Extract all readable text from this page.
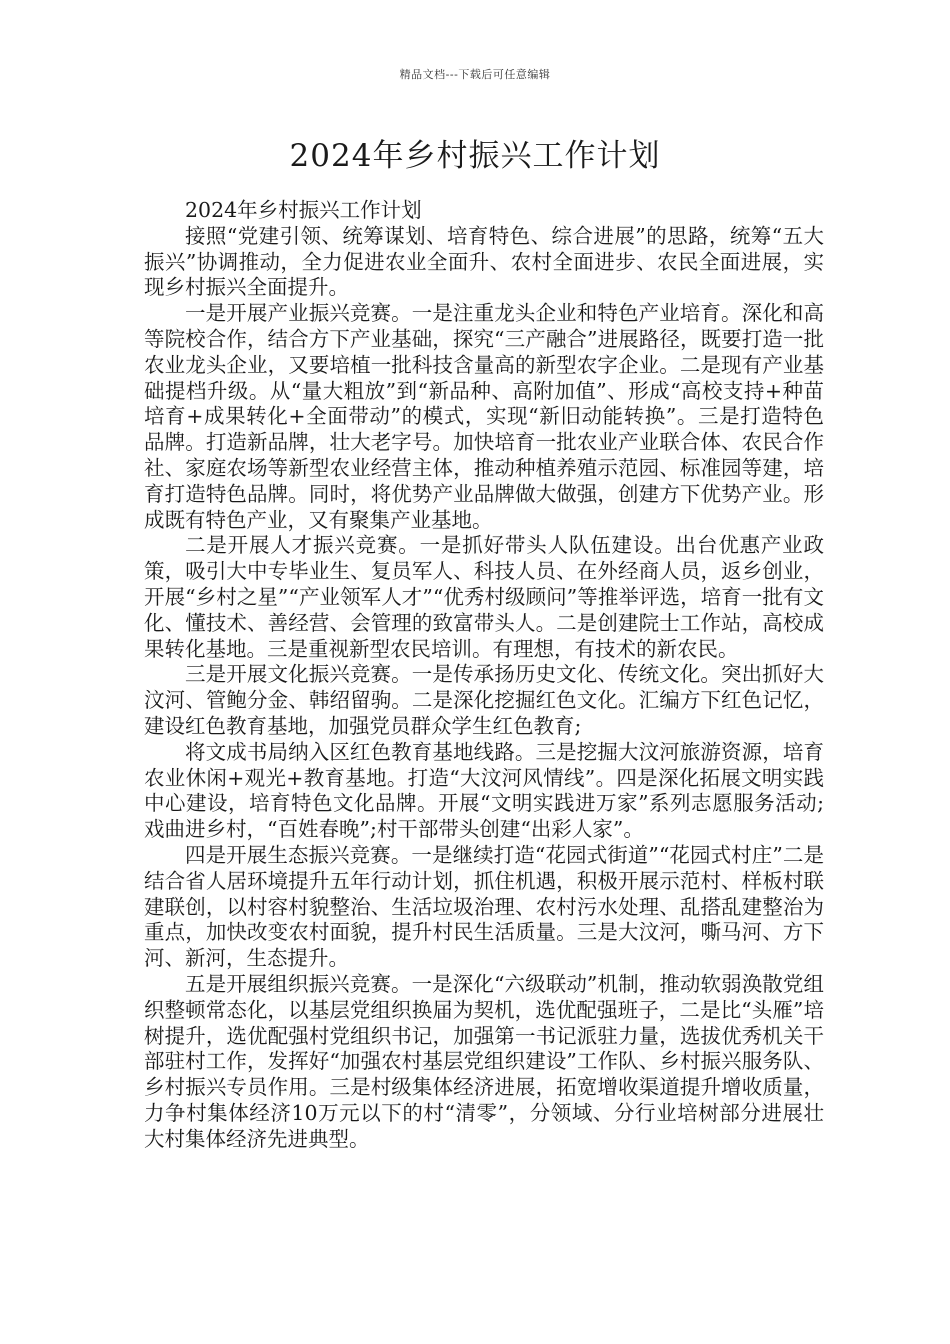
精品文档---下载后可任意编辑
2024年乡村振兴工作计划

2024年乡村振兴工作计划

接照“党建引领、统筹谋划、培育特色、综合进展”的思路，统筹“五大振兴”协调推动，全力促进农业全面升、农村全面进步、农民全面进展，实现乡村振兴全面提升。

一是开展产业振兴竞赛。一是注重龙头企业和特色产业培育。深化和高等院校合作，结合方下产业基础，探究“三产融合”进展路径，既要打造一批农业龙头企业，又要培植一批科技含量高的新型农字企业。二是现有产业基础提档升级。从“量大粗放”到“新品种、高附加值”、形成“高校支持+种苗培育+成果转化+全面带动”的模式，实现“新旧动能转换”。三是打造特色品牌。打造新品牌，壮大老字号。加快培育一批农业产业联合体、农民合作社、家庭农场等新型农业经营主体，推动种植养殖示范园、标准园等建，培育打造特色品牌。同时，将优势产业品牌做大做强，创建方下优势产业。形成既有特色产业，又有聚集产业基地。

二是开展人才振兴竞赛。一是抓好带头人队伍建设。出台优惠产业政策，吸引大中专毕业生、复员军人、科技人员、在外经商人员，返乡创业，开展“乡村之星”“产业领军人才”“优秀村级顾问”等推举评选，培育一批有文化、懂技术、善经营、会管理的致富带头人。二是创建院士工作站，高校成果转化基地。三是重视新型农民培训。有理想，有技术的新农民。

三是开展文化振兴竞赛。一是传承扬历史文化、传统文化。突出抓好大汶河、管鲍分金、韩绍留驹。二是深化挖掘红色文化。汇编方下红色记忆，建设红色教育基地，加强党员群众学生红色教育;

将文成书局纳入区红色教育基地线路。三是挖掘大汶河旅游资源，培育农业休闲+观光+教育基地。打造“大汶河风情线”。四是深化拓展文明实践中心建设，培育特色文化品牌。开展“文明实践进万家”系列志愿服务活动;戏曲进乡村，“百姓春晚”;村干部带头创建“出彩人家”。

四是开展生态振兴竞赛。一是继续打造“花园式街道”“花园式村庄”二是结合省人居环境提升五年行动计划，抓住机遇，积极开展示范村、样板村联建联创，以村容村貌整治、生活垃圾治理、农村污水处理、乱搭乱建整治为重点，加快改变农村面貌，提升村民生活质量。三是大汶河，嘶马河、方下河、新河，生态提升。

五是开展组织振兴竞赛。一是深化“六级联动”机制，推动软弱涣散党组织整顿常态化，以基层党组织换届为契机，选优配强班子，二是比“头雁”培树提升，选优配强村党组织书记，加强第一书记派驻力量，选拔优秀机关干部驻村工作，发挥好“加强农村基层党组织建设”工作队、乡村振兴服务队、乡村振兴专员作用。三是村级集体经济进展，拓宽增收渠道提升增收质量，力争村集体经济10万元以下的村“清零”，分领域、分行业培树部分进展壮大村集体经济先进典型。
